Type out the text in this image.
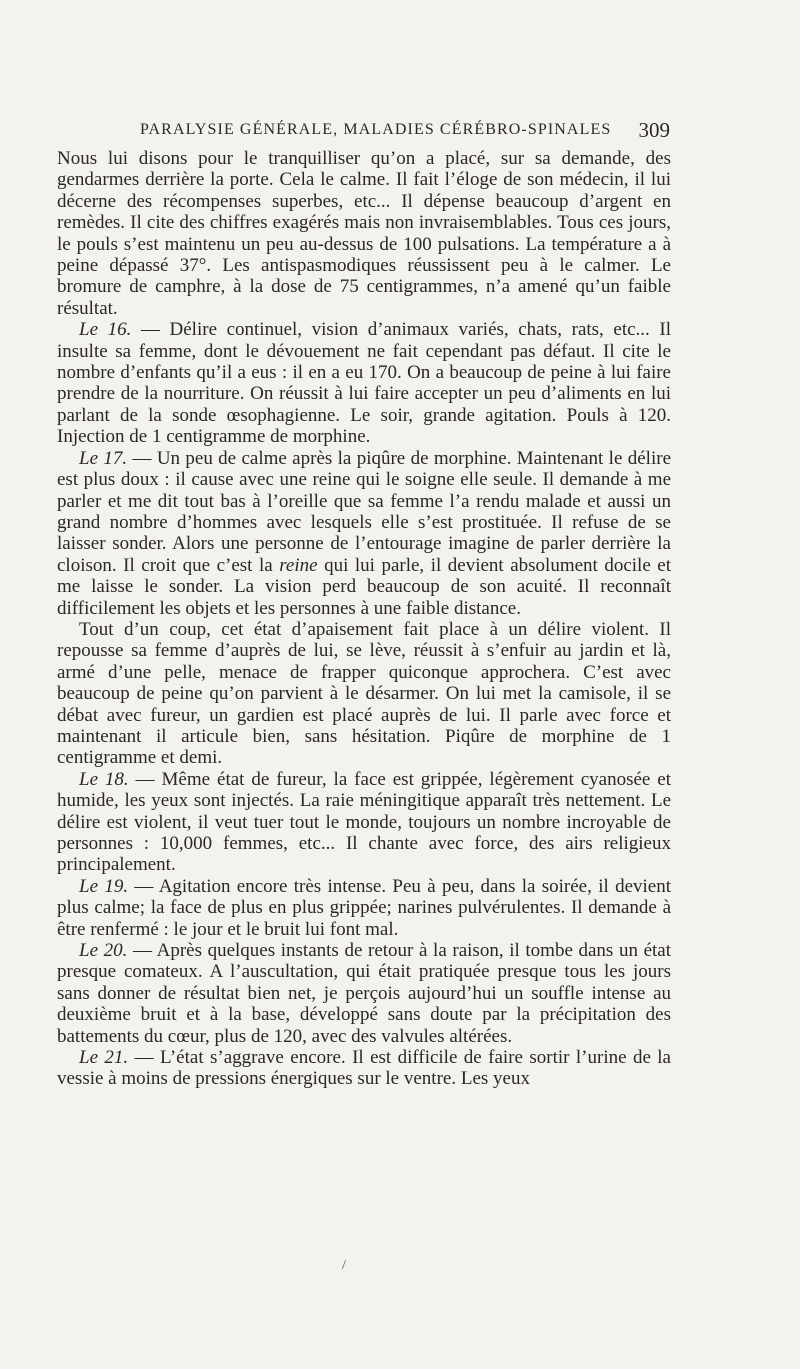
PARALYSIE GÉNÉRALE, MALADIES CÉRÉBRO-SPINALES 309

Nous lui disons pour le tranquilliser qu’on a placé, sur sa demande, des gendarmes derrière la porte. Cela le calme. Il fait l’éloge de son médecin, il lui décerne des récompenses superbes, etc... Il dépense beaucoup d’argent en remèdes. Il cite des chiffres exagérés mais non invraisemblables. Tous ces jours, le pouls s’est maintenu un peu au-dessus de 100 pulsations. La température a à peine dépassé 37°. Les antispasmodiques réussissent peu à le calmer. Le bromure de camphre, à la dose de 75 centigrammes, n’a amené qu’un faible résultat.

Le 16. — Délire continuel, vision d’animaux variés, chats, rats, etc... Il insulte sa femme, dont le dévouement ne fait cependant pas défaut. Il cite le nombre d’enfants qu’il a eus : il en a eu 170. On a beaucoup de peine à lui faire prendre de la nourriture. On réussit à lui faire accepter un peu d’aliments en lui parlant de la sonde œsophagienne. Le soir, grande agitation. Pouls à 120. Injection de 1 centigramme de morphine.

Le 17. — Un peu de calme après la piqûre de morphine. Maintenant le délire est plus doux : il cause avec une reine qui le soigne elle seule. Il demande à me parler et me dit tout bas à l’oreille que sa femme l’a rendu malade et aussi un grand nombre d’hommes avec lesquels elle s’est prostituée. Il refuse de se laisser sonder. Alors une personne de l’entourage imagine de parler derrière la cloison. Il croit que c’est la reine qui lui parle, il devient absolument docile et me laisse le sonder. La vision perd beaucoup de son acuité. Il reconnaît difficilement les objets et les personnes à une faible distance.

Tout d’un coup, cet état d’apaisement fait place à un délire violent. Il repousse sa femme d’auprès de lui, se lève, réussit à s’enfuir au jardin et là, armé d’une pelle, menace de frapper quiconque approchera. C’est avec beaucoup de peine qu’on parvient à le désarmer. On lui met la camisole, il se débat avec fureur, un gardien est placé auprès de lui. Il parle avec force et maintenant il articule bien, sans hésitation. Piqûre de morphine de 1 centigramme et demi.

Le 18. — Même état de fureur, la face est grippée, légèrement cyanosée et humide, les yeux sont injectés. La raie méningitique apparaît très nettement. Le délire est violent, il veut tuer tout le monde, toujours un nombre incroyable de personnes : 10,000 femmes, etc... Il chante avec force, des airs religieux principalement.

Le 19. — Agitation encore très intense. Peu à peu, dans la soirée, il devient plus calme; la face de plus en plus grippée; narines pulvérulentes. Il demande à être renfermé : le jour et le bruit lui font mal.

Le 20. — Après quelques instants de retour à la raison, il tombe dans un état presque comateux. A l’auscultation, qui était pratiquée presque tous les jours sans donner de résultat bien net, je perçois aujourd’hui un souffle intense au deuxième bruit et à la base, développé sans doute par la précipitation des battements du cœur, plus de 120, avec des valvules altérées.

Le 21. — L’état s’aggrave encore. Il est difficile de faire sortir l’urine de la vessie à moins de pressions énergiques sur le ventre. Les yeux

/
